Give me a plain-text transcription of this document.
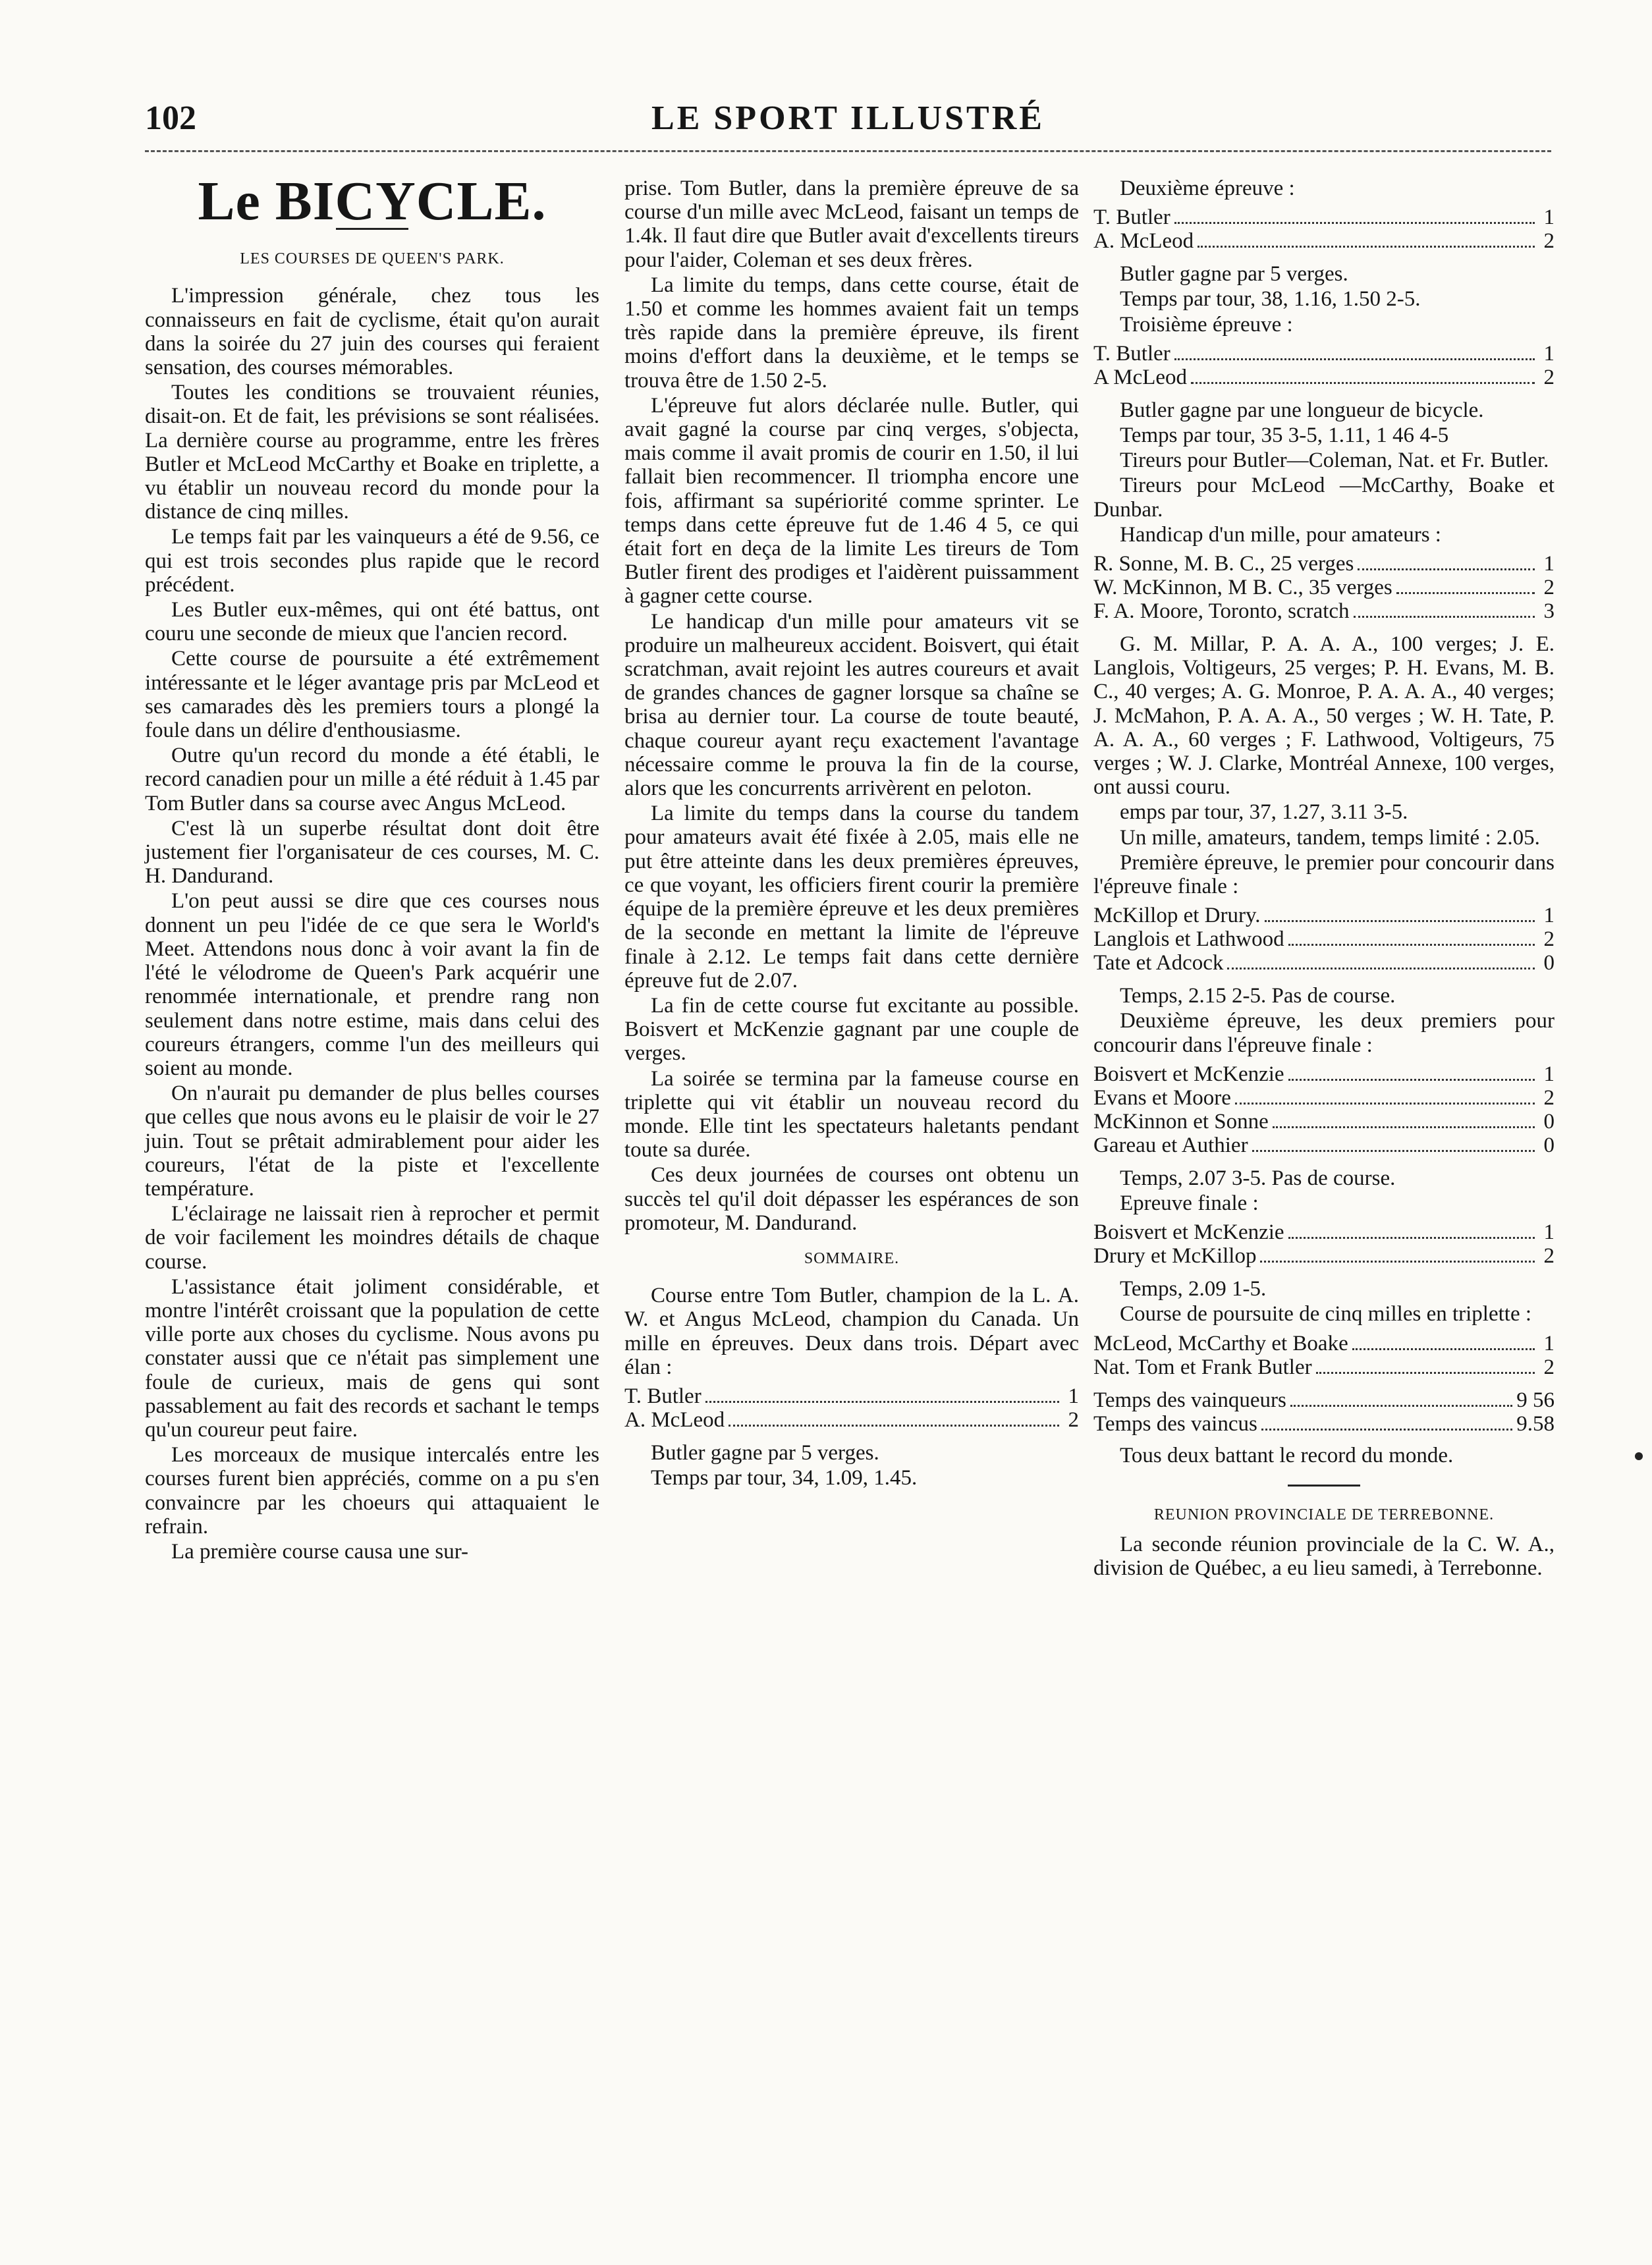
102	LE SPORT ILLUSTRÉ
Le BICYCLE.
LES COURSES DE QUEEN'S PARK.

L'impression générale, chez tous les connaisseurs en fait de cyclisme, était qu'on aurait dans la soirée du 27 juin des courses qui feraient sensation, des courses mémorables.

Toutes les conditions se trouvaient réunies, disait-on. Et de fait, les prévisions se sont réalisées. La dernière course au programme, entre les frères Butler et McLeod McCarthy et Boake en triplette, a vu établir un nouveau record du monde pour la distance de cinq milles.

Le temps fait par les vainqueurs a été de 9.56, ce qui est trois secondes plus rapide que le record précédent.

Les Butler eux-mêmes, qui ont été battus, ont couru une seconde de mieux que l'ancien record.

Cette course de poursuite a été extrêmement intéressante et le léger avantage pris par McLeod et ses camarades dès les premiers tours a plongé la foule dans un délire d'enthousiasme.

Outre qu'un record du monde a été établi, le record canadien pour un mille a été réduit à 1.45 par Tom Butler dans sa course avec Angus McLeod.

C'est là un superbe résultat dont doit être justement fier l'organisateur de ces courses, M. C. H. Dandurand.

L'on peut aussi se dire que ces courses nous donnent un peu l'idée de ce que sera le World's Meet. Attendons nous donc à voir avant la fin de l'été le vélodrome de Queen's Park acquérir une renommée internationale, et prendre rang non seulement dans notre estime, mais dans celui des coureurs étrangers, comme l'un des meilleurs qui soient au monde.

On n'aurait pu demander de plus belles courses que celles que nous avons eu le plaisir de voir le 27 juin. Tout se prêtait admirablement pour aider les coureurs, l'état de la piste et l'excellente température.

L'éclairage ne laissait rien à reprocher et permit de voir facilement les moindres détails de chaque course.

L'assistance était joliment considérable, et montre l'intérêt croissant que la population de cette ville porte aux choses du cyclisme. Nous avons pu constater aussi que ce n'était pas simplement une foule de curieux, mais de gens qui sont passablement au fait des records et sachant le temps qu'un coureur peut faire.

Les morceaux de musique intercalés entre les courses furent bien appréciés, comme on a pu s'en convaincre par les choeurs qui attaquaient le refrain.

La première course causa une sur-

prise. Tom Butler, dans la première épreuve de sa course d'un mille avec McLeod, faisant un temps de 1.4k. Il faut dire que Butler avait d'excellents tireurs pour l'aider, Coleman et ses deux frères.

La limite du temps, dans cette course, était de 1.50 et comme les hommes avaient fait un temps très rapide dans la première épreuve, ils firent moins d'effort dans la deuxième, et le temps se trouva être de 1.50 2-5.

L'épreuve fut alors déclarée nulle. Butler, qui avait gagné la course par cinq verges, s'objecta, mais comme il avait promis de courir en 1.50, il lui fallait bien recommencer. Il triompha encore une fois, affirmant sa supériorité comme sprinter. Le temps dans cette épreuve fut de 1.46 4 5, ce qui était fort en deça de la limite Les tireurs de Tom Butler firent des prodiges et l'aidèrent puissamment à gagner cette course.

Le handicap d'un mille pour amateurs vit se produire un malheureux accident. Boisvert, qui était scratchman, avait rejoint les autres coureurs et avait de grandes chances de gagner lorsque sa chaîne se brisa au dernier tour. La course de toute beauté, chaque coureur ayant reçu exactement l'avantage nécessaire comme le prouva la fin de la course, alors que les concurrents arrivèrent en peloton.

La limite du temps dans la course du tandem pour amateurs avait été fixée à 2.05, mais elle ne put être atteinte dans les deux premières épreuves, ce que voyant, les officiers firent courir la première équipe de la première épreuve et les deux premières de la seconde en mettant la limite de l'épreuve finale à 2.12. Le temps fait dans cette dernière épreuve fut de 2.07.

La fin de cette course fut excitante au possible. Boisvert et McKenzie gagnant par une couple de verges.

La soirée se termina par la fameuse course en triplette qui vit établir un nouveau record du monde. Elle tint les spectateurs haletants pendant toute sa durée.

Ces deux journées de courses ont obtenu un succès tel qu'il doit dépasser les espérances de son promoteur, M. Dandurand.

SOMMAIRE.

Course entre Tom Butler, champion de la L. A. W. et Angus McLeod, champion du Canada. Un mille en épreuves. Deux dans trois. Départ avec élan :

T. Butler	1
A. McLeod	2

Butler gagne par 5 verges.

Temps par tour, 34, 1.09, 1.45.

Deuxième épreuve :

T. Butler	1
A. McLeod	2

Butler gagne par 5 verges.

Temps par tour, 38, 1.16, 1.50 2-5.

Troisième épreuve :

T. Butler	1
A McLeod	2

Butler gagne par une longueur de bicycle.

Temps par tour, 35 3-5, 1.11, 1 46 4-5

Tireurs pour Butler—Coleman, Nat. et Fr. Butler.

Tireurs pour McLeod —McCarthy, Boake et Dunbar.

Handicap d'un mille, pour amateurs :

R. Sonne, M. B. C., 25 verges	1
W. McKinnon, M B. C., 35 verges	2
F. A. Moore, Toronto, scratch	3

G. M. Millar, P. A. A. A., 100 verges; J. E. Langlois, Voltigeurs, 25 verges; P. H. Evans, M. B. C., 40 verges; A. G. Monroe, P. A. A. A., 40 verges; J. McMahon, P. A. A. A., 50 verges ; W. H. Tate, P. A. A. A., 60 verges ; F. Lathwood, Voltigeurs, 75 verges ; W. J. Clarke, Montréal Annexe, 100 verges, ont aussi couru.

emps par tour, 37, 1.27, 3.11 3-5.

Un mille, amateurs, tandem, temps limité : 2.05.

Première épreuve, le premier pour concourir dans l'épreuve finale :

McKillop et Drury.	1
Langlois et Lathwood	2
Tate et Adcock	0

Temps, 2.15 2-5. Pas de course.

Deuxième épreuve, les deux premiers pour concourir dans l'épreuve finale :

Boisvert et McKenzie	1
Evans et Moore	2
McKinnon et Sonne	0
Gareau et Authier	0

Temps, 2.07 3-5. Pas de course.

Epreuve finale :

Boisvert et McKenzie	1
Drury et McKillop	2

Temps, 2.09 1-5.

Course de poursuite de cinq milles en triplette :

McLeod, McCarthy et Boake	1
Nat. Tom et Frank Butler	2
Temps des vainqueurs	9 56
Temps des vaincus	9.58

Tous deux battant le record du monde.

REUNION PROVINCIALE DE TERREBONNE.

La seconde réunion provinciale de la C. W. A., division de Québec, a eu lieu samedi, à Terrebonne.
